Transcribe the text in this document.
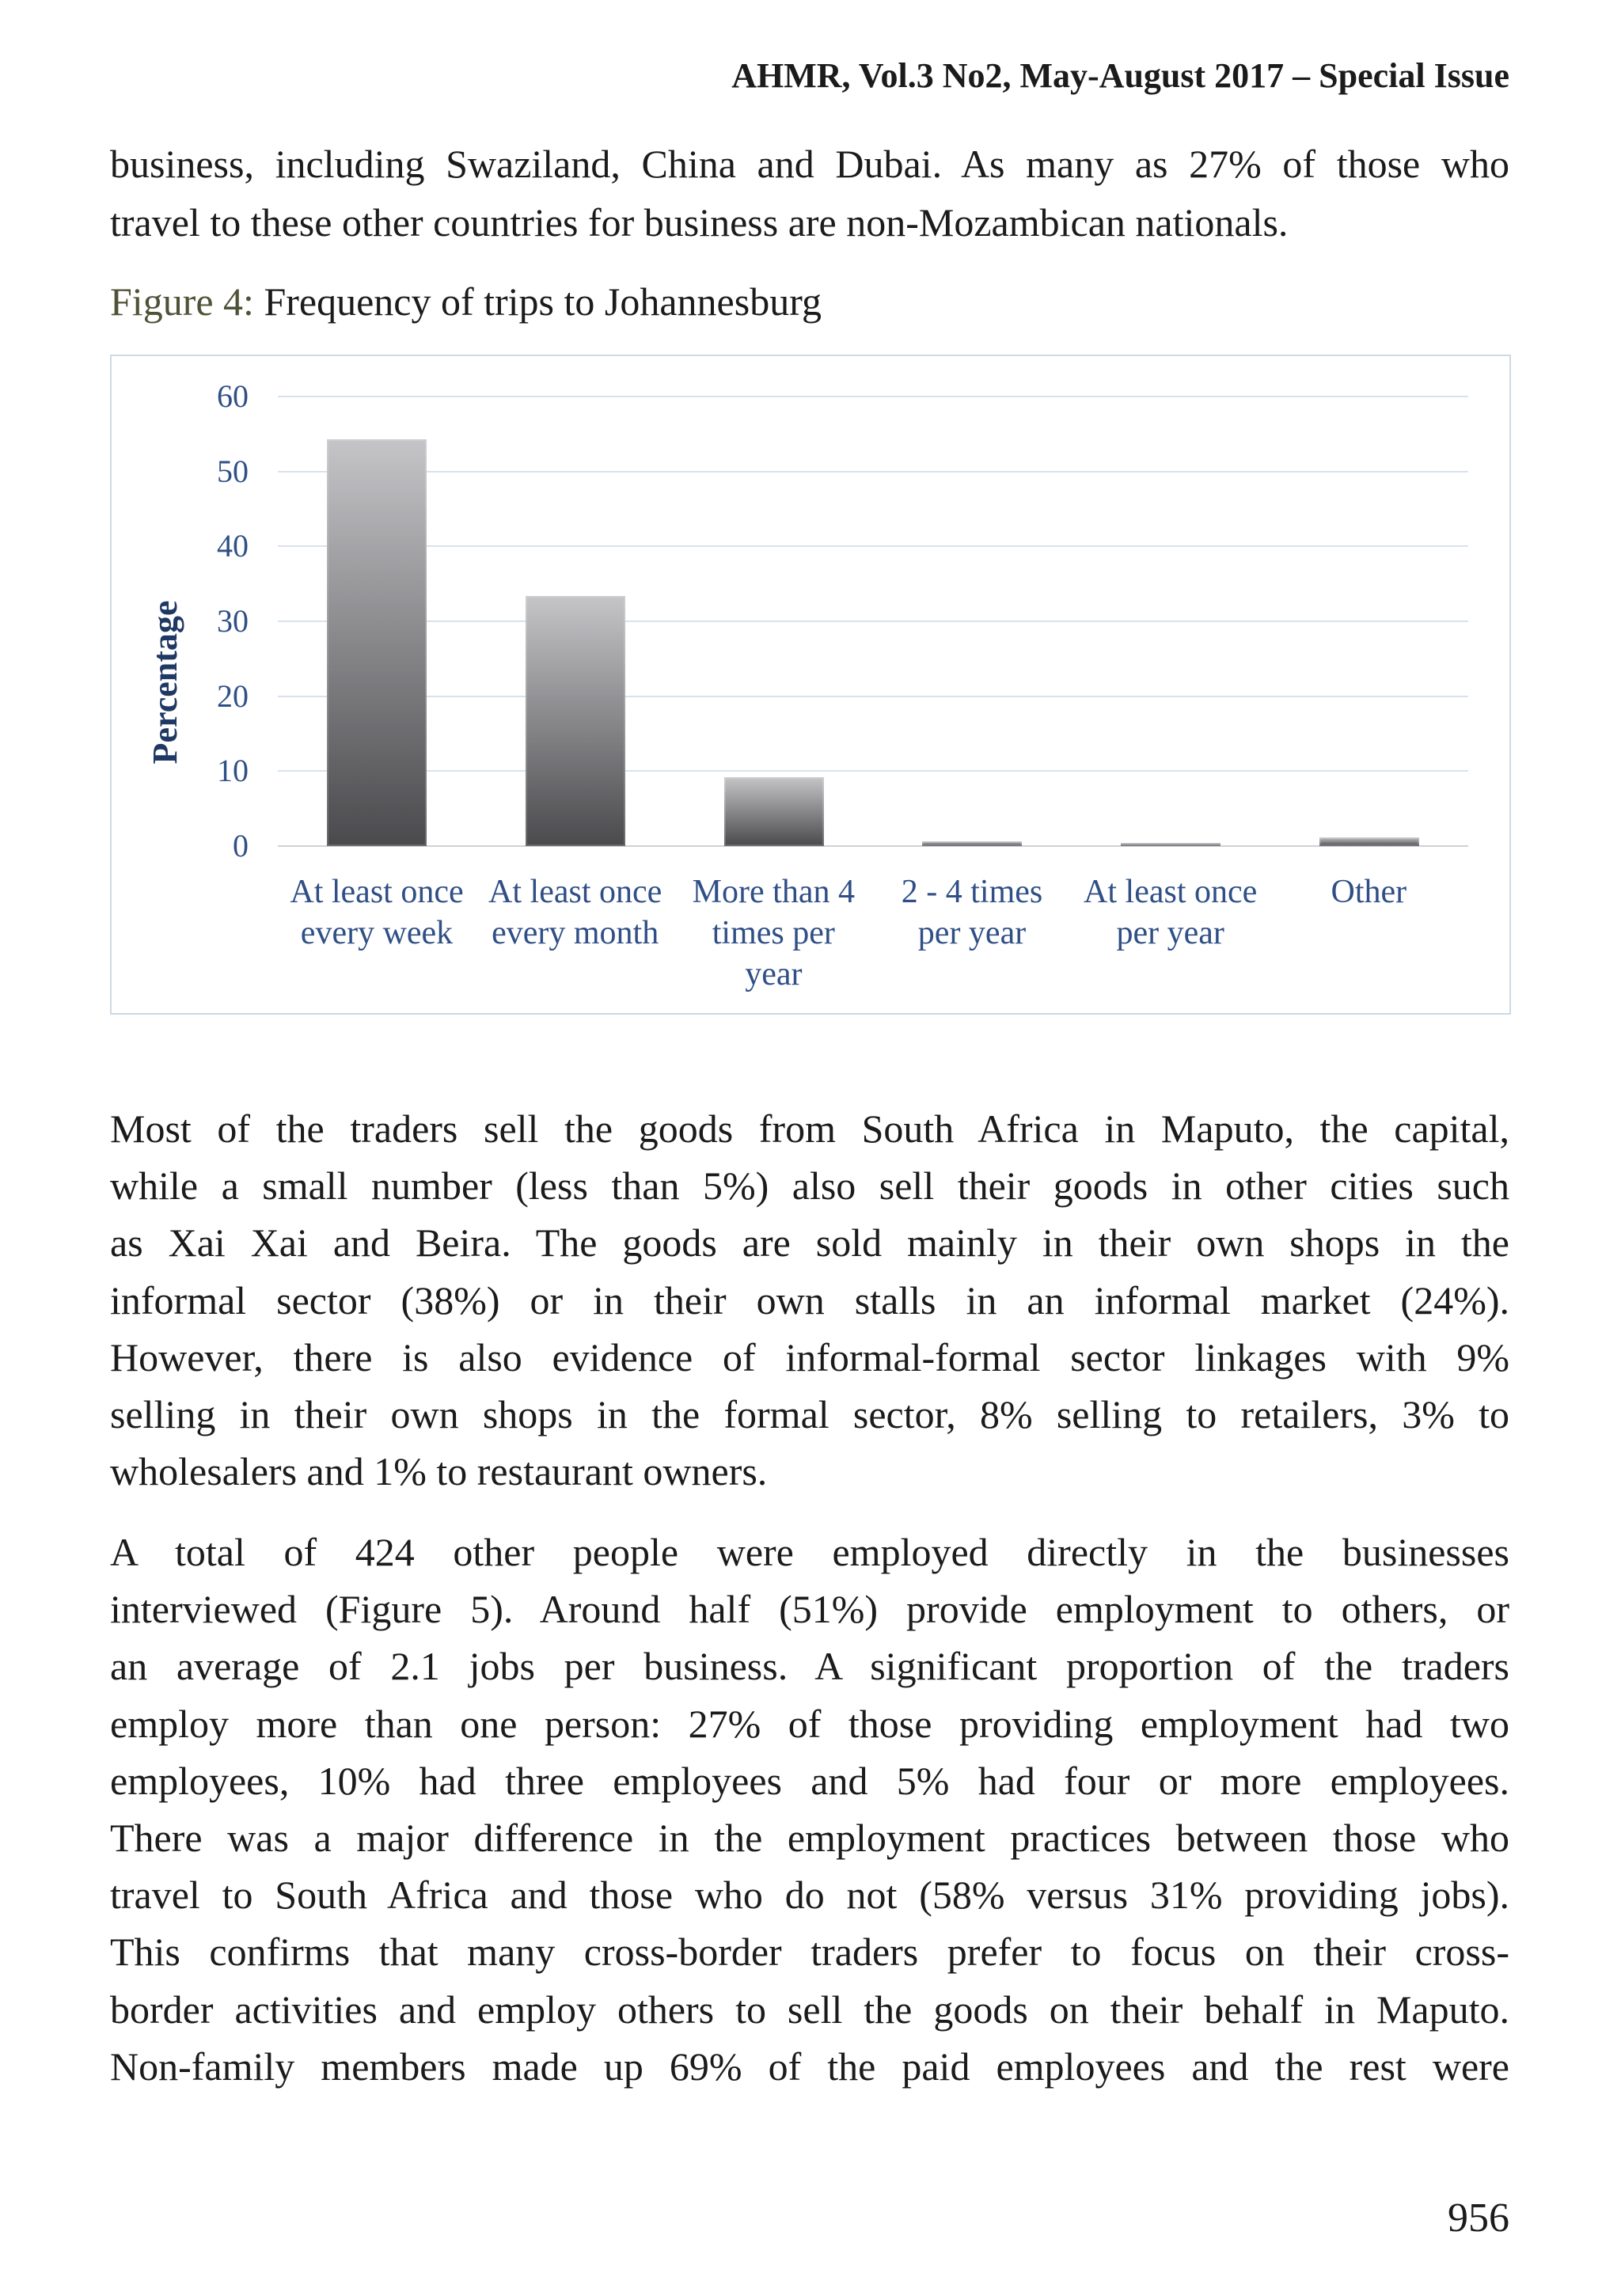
AHMR, Vol.3 No2, May-August 2017 – Special Issue
business, including Swaziland, China and Dubai. As many as 27% of those who
travel to these other countries for business are non-Mozambican nationals.
Figure 4: Frequency of trips to Johannesburg
Percentage
0
10
20
30
40
50
60
At least once
every week
At least once
every month
More than 4
times per
year
2 - 4 times
per year
At least once
per year
Other
Most of the traders sell the goods from South Africa in Maputo, the capital,
while a small number (less than 5%) also sell their goods in other cities such
as Xai Xai and Beira. The goods are sold mainly in their own shops in the
informal sector (38%) or in their own stalls in an informal market (24%).
However, there is also evidence of informal-formal sector linkages with 9%
selling in their own shops in the formal sector, 8% selling to retailers, 3% to
wholesalers and 1% to restaurant owners.
A total of 424 other people were employed directly in the businesses
interviewed (Figure 5). Around half (51%) provide employment to others, or
an average of 2.1 jobs per business. A significant proportion of the traders
employ more than one person: 27% of those providing employment had two
employees, 10% had three employees and 5% had four or more employees.
There was a major difference in the employment practices between those who
travel to South Africa and those who do not (58% versus 31% providing jobs).
This confirms that many cross-border traders prefer to focus on their cross-
border activities and employ others to sell the goods on their behalf in Maputo.
Non-family members made up 69% of the paid employees and the rest were
956
